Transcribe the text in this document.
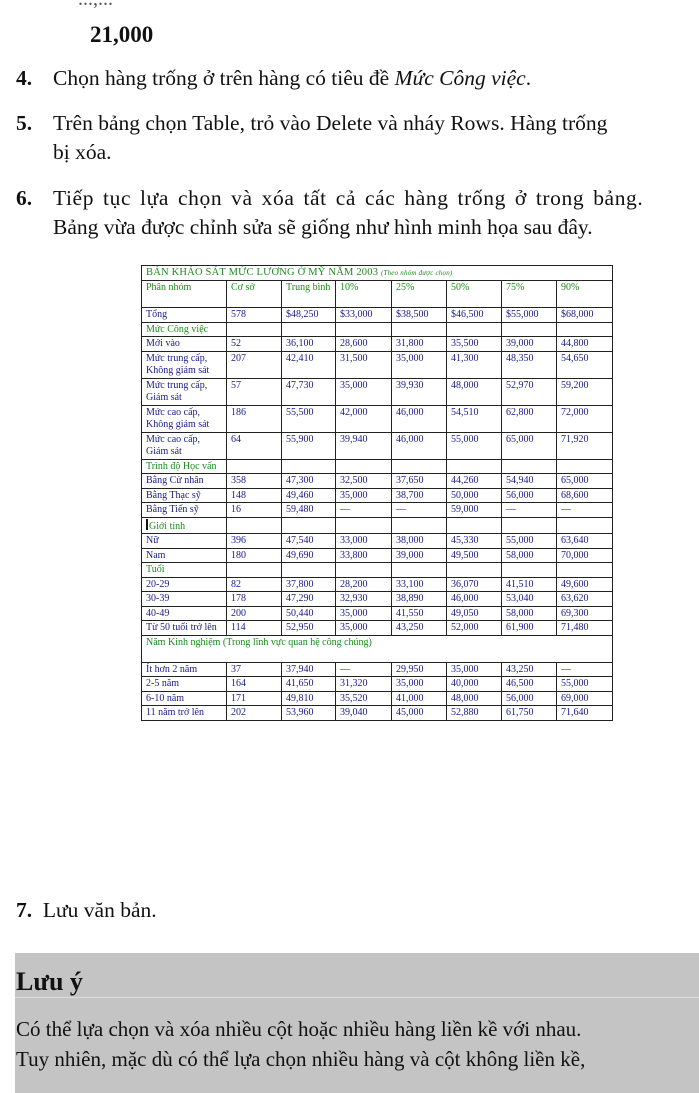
21,000
4. Chọn hàng trống ở trên hàng có tiêu đề Mức Công việc.
5. Trên bảng chọn Table, trỏ vào Delete và nháy Rows. Hàng trống
bị xóa.
6. Tiếp tục lựa chọn và xóa tất cả các hàng trống ở trong bảng.
Bảng vừa được chỉnh sửa sẽ giống như hình minh họa sau đây.
BẢN KHẢO SÁT MỨC LƯƠNG Ở MỸ NĂM 2003 (Theo nhóm được chọn)							
Phân nhóm	Cơ sở	Trung bình	10%	25%	50%	75%	90%
Tổng	578	$48,250	$33,000	$38,500	$46,500	$55,000	$68,000
Mức Công việc							
Mới vào	52	36,100	28,600	31,800	35,500	39,000	44,800
Mức trung cấp, Không giám sát	207	42,410	31,500	35,000	41,300	48,350	54,650
Mức trung cấp, Giám sát	57	47,730	35,000	39,930	48,000	52,970	59,200
Mức cao cấp, Không giám sát	186	55,500	42,000	46,000	54,510	62,800	72,000
Mức cao cấp, Giám sát	64	55,900	39,940	46,000	55,000	65,000	71,920
Trình độ Học vấn							
Bằng Cử nhân	358	47,300	32,500	37,650	44,260	54,940	65,000
Bằng Thạc sỹ	148	49,460	35,000	38,700	50,000	56,000	68,600
Bằng Tiến sỹ	16	59,480	—	—	59,000	—	—
Giới tính							
Nữ	396	47,540	33,000	38,000	45,330	55,000	63,640
Nam	180	49,690	33,800	39,000	49,500	58,000	70,000
Tuổi							
20-29	82	37,800	28,200	33,100	36,070	41,510	49,600
30-39	178	47,290	32,930	38,890	46,000	53,040	63,620
40-49	200	50,440	35,000	41,550	49,050	58,000	69,300
Từ 50 tuổi trở lên	114	52,950	35,000	43,250	52,000	61,900	71,480
Năm Kinh nghiệm (Trong lĩnh vực quan hệ công chúng)							
Ít hơn 2 năm	37	37,940	—	29,950	35,000	43,250	—
2-5 năm	164	41,650	31,320	35,000	40,000	46,500	55,000
6-10 năm	171	49,810	35,520	41,000	48,000	56,000	69,000
11 năm trở lên	202	53,960	39,040	45,000	52,880	61,750	71,640
7. Lưu văn bản.
Lưu ý
Có thể lựa chọn và xóa nhiều cột hoặc nhiều hàng liền kề với nhau.
Tuy nhiên, mặc dù có thể lựa chọn nhiều hàng và cột không liền kề,
